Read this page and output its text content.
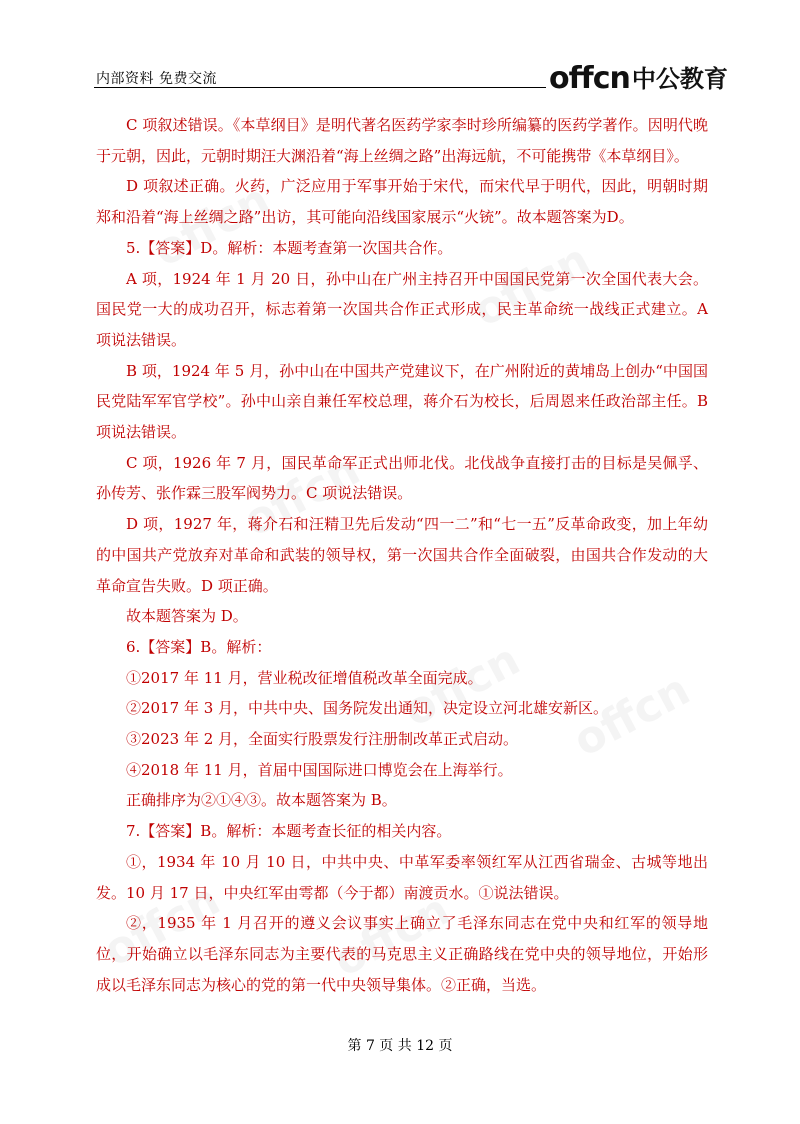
内部资料 免费交流	offcn 中公教育

C 项叙述错误。《本草纲目》是明代著名医药学家李时珍所编纂的医药学著作。因明代晚于元朝，因此，元朝时期汪大渊沿着“海上丝绸之路”出海远航，不可能携带《本草纲目》。

D 项叙述正确。火药，广泛应用于军事开始于宋代，而宋代早于明代，因此，明朝时期郑和沿着“海上丝绸之路”出访，其可能向沿线国家展示“火铳”。故本题答案为D。

5.【答案】D。解析：本题考查第一次国共合作。

A 项，1924 年 1 月 20 日，孙中山在广州主持召开中国国民党第一次全国代表大会。国民党一大的成功召开，标志着第一次国共合作正式形成，民主革命统一战线正式建立。A 项说法错误。

B 项，1924 年 5 月，孙中山在中国共产党建议下，在广州附近的黄埔岛上创办“中国国民党陆军军官学校”。孙中山亲自兼任军校总理，蒋介石为校长，后周恩来任政治部主任。B 项说法错误。

C 项，1926 年 7 月，国民革命军正式出师北伐。北伐战争直接打击的目标是吴佩孚、孙传芳、张作霖三股军阀势力。C 项说法错误。

D 项，1927 年，蒋介石和汪精卫先后发动“四一二”和“七一五”反革命政变，加上年幼的中国共产党放弃对革命和武装的领导权，第一次国共合作全面破裂，由国共合作发动的大革命宣告失败。D 项正确。

故本题答案为 D。

6.【答案】B。解析：

①2017 年 11 月，营业税改征增值税改革全面完成。

②2017 年 3 月，中共中央、国务院发出通知，决定设立河北雄安新区。

③2023 年 2 月，全面实行股票发行注册制改革正式启动。

④2018 年 11 月，首届中国国际进口博览会在上海举行。

正确排序为②①④③。故本题答案为 B。

7.【答案】B。解析：本题考查长征的相关内容。

①，1934 年 10 月 10 日，中共中央、中革军委率领红军从江西省瑞金、古城等地出发。10 月 17 日，中央红军由雩都（今于都）南渡贡水。①说法错误。

②，1935 年 1 月召开的遵义会议事实上确立了毛泽东同志在党中央和红军的领导地位，开始确立以毛泽东同志为主要代表的马克思主义正确路线在党中央的领导地位，开始形成以毛泽东同志为核心的党的第一代中央领导集体。②正确，当选。

第 7 页 共 12 页
